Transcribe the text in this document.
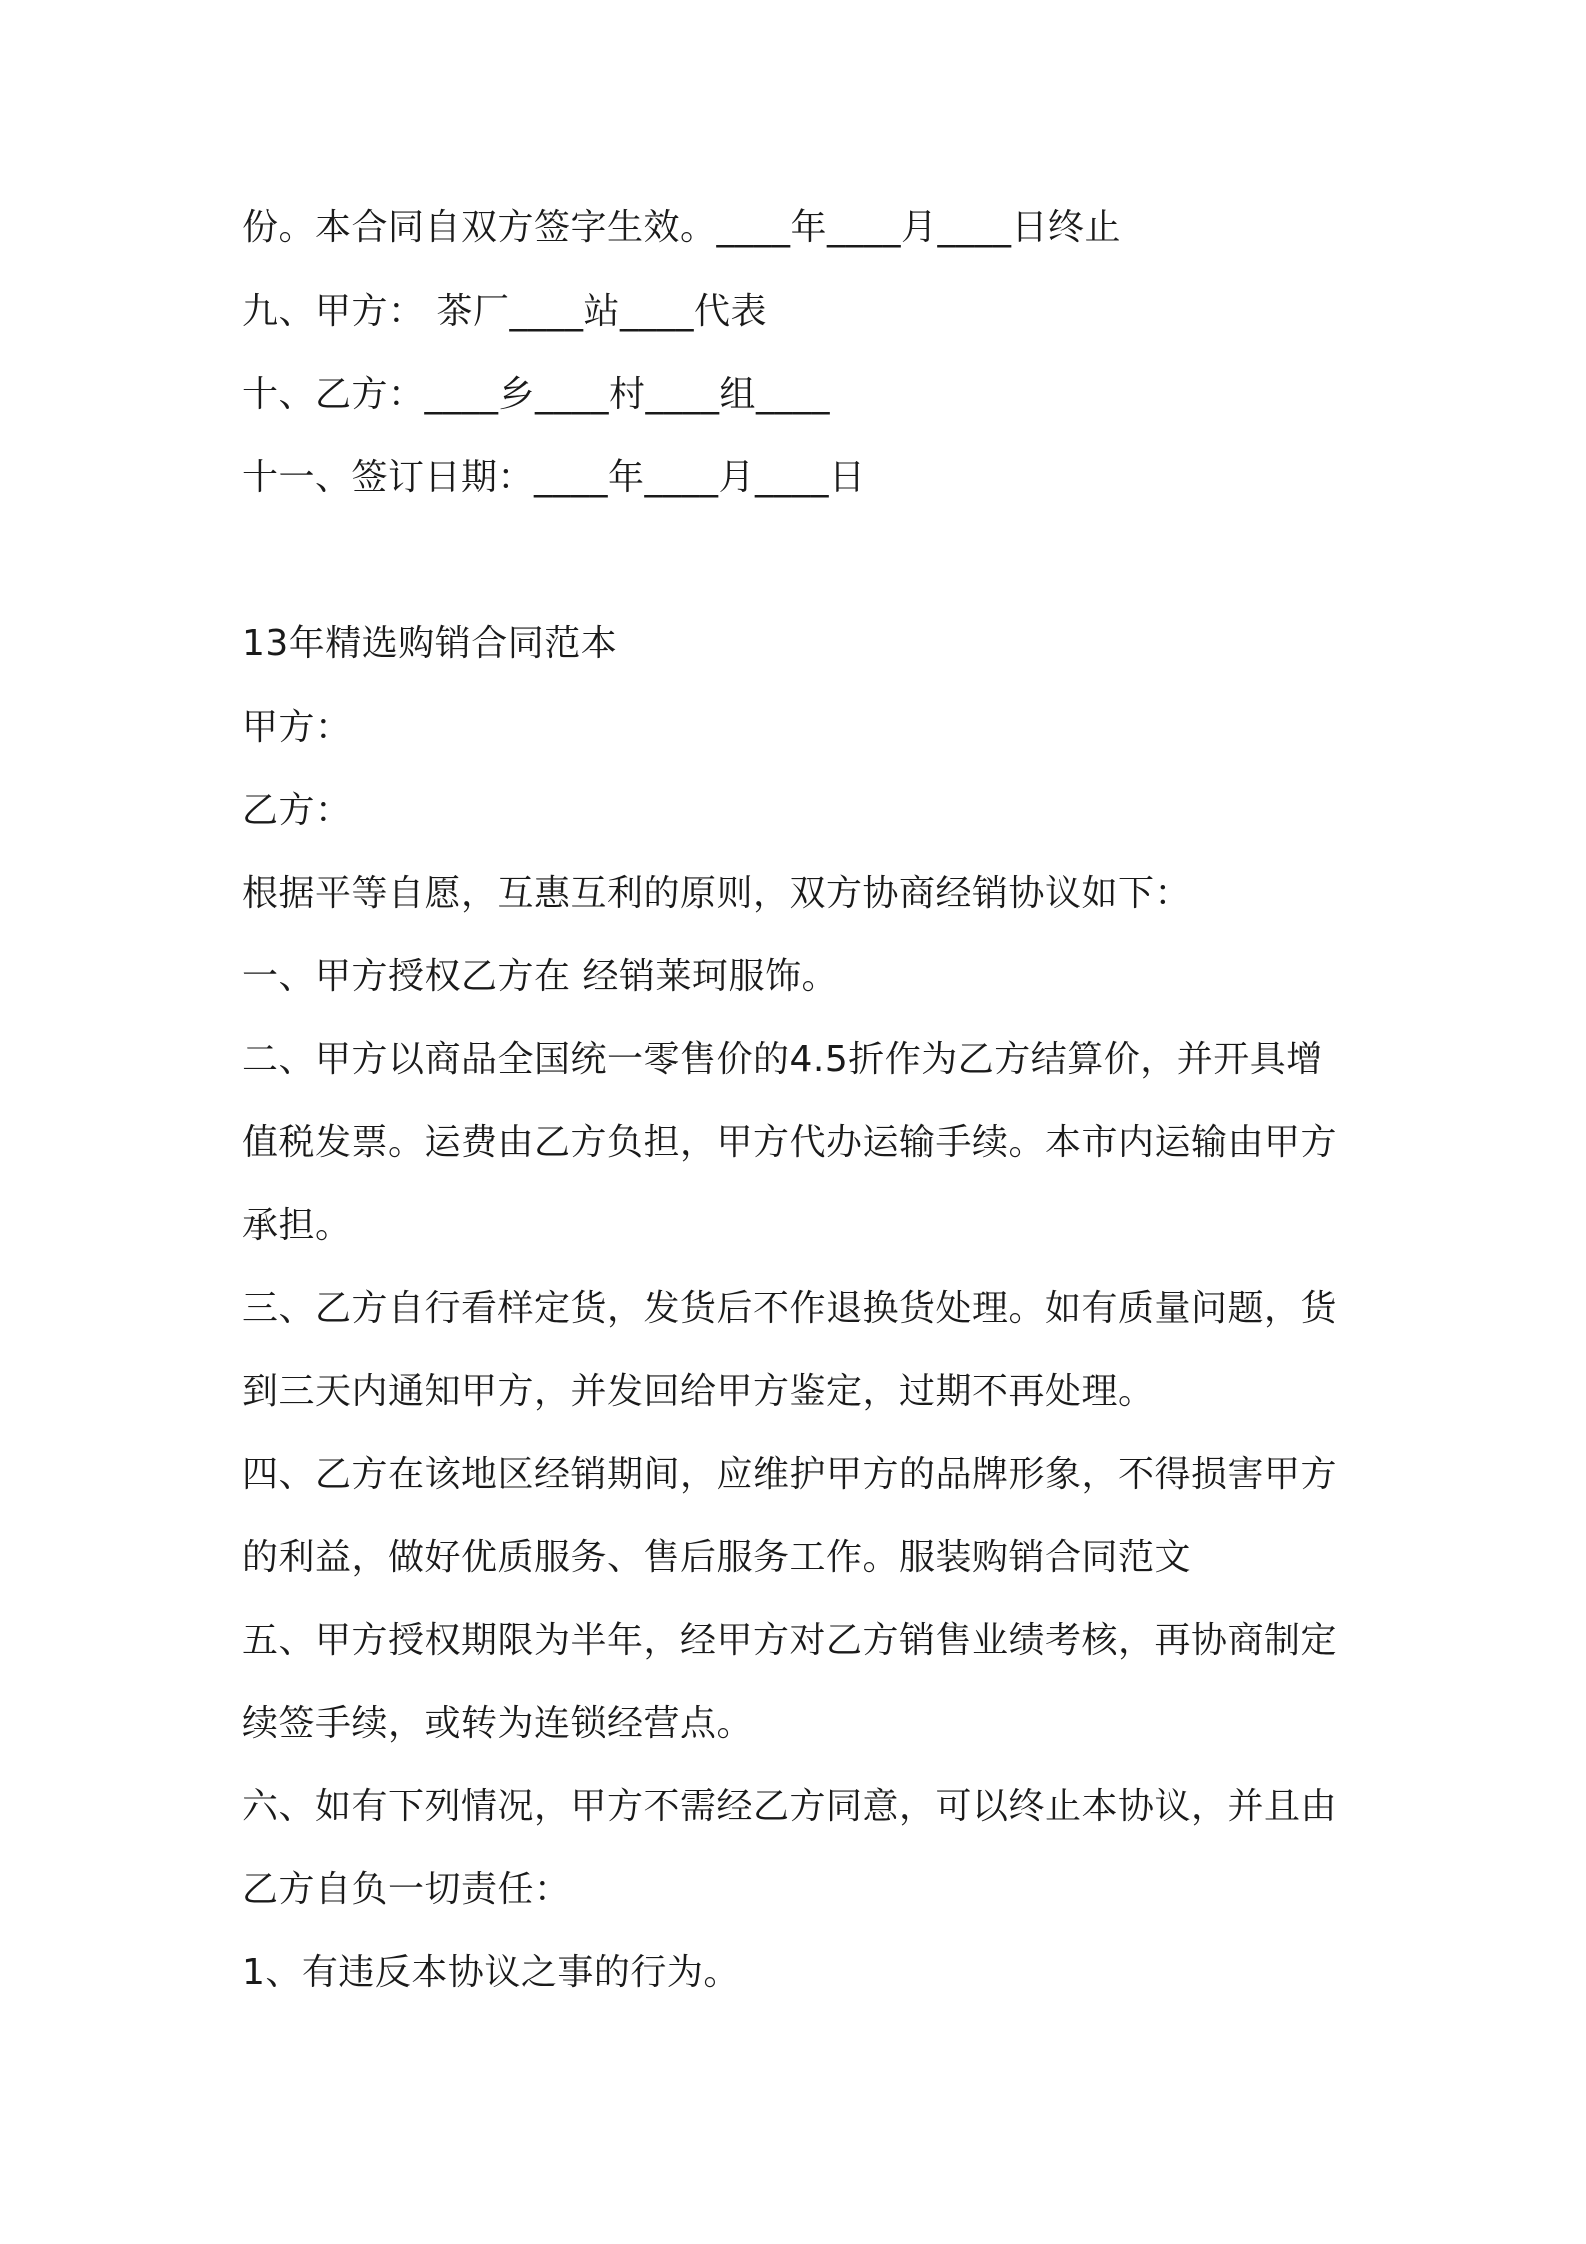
份。本合同自双方签字生效。____年____月____日终止
九、甲方： 茶厂____站____代表
十、乙方：____乡____村____组____
十一、签订日期：____年____月____日
13年精选购销合同范本
甲方：
乙方：
根据平等自愿，互惠互利的原则，双方协商经销协议如下：
一、甲方授权乙方在 经销莱珂服饰。
二、甲方以商品全国统一零售价的4.5折作为乙方结算价，并开具增
值税发票。运费由乙方负担，甲方代办运输手续。本市内运输由甲方
承担。
三、乙方自行看样定货，发货后不作退换货处理。如有质量问题，货
到三天内通知甲方，并发回给甲方鉴定，过期不再处理。
四、乙方在该地区经销期间，应维护甲方的品牌形象，不得损害甲方
的利益，做好优质服务、售后服务工作。服装购销合同范文
五、甲方授权期限为半年，经甲方对乙方销售业绩考核，再协商制定
续签手续，或转为连锁经营点。
六、如有下列情况，甲方不需经乙方同意，可以终止本协议，并且由
乙方自负一切责任：
1、有违反本协议之事的行为。
